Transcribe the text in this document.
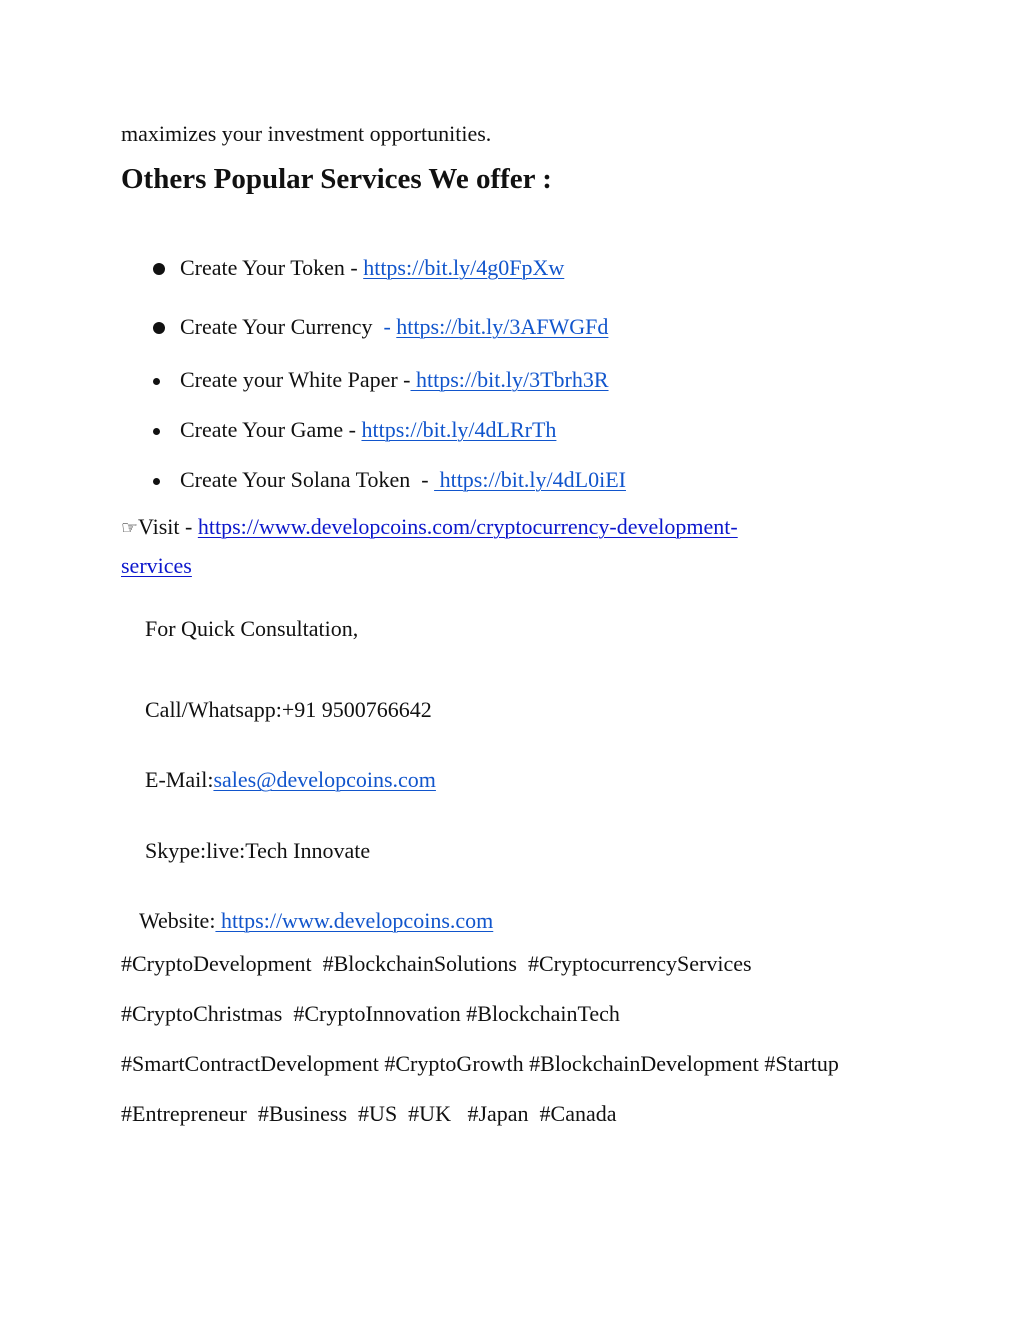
maximizes your investment opportunities.
Others Popular Services We offer :
Create Your Token - https://bit.ly/4g0FpXw
Create Your Currency  - https://bit.ly/3AFWGFd
Create your White Paper - https://bit.ly/3Tbrh3R
Create Your Game - https://bit.ly/4dLRrTh
Create Your Solana Token  -  https://bit.ly/4dL0iEI
☞Visit - https://www.developcoins.com/cryptocurrency-development-
services
For Quick Consultation,
Call/Whatsapp:+91 9500766642
E-Mail:sales@developcoins.com
Skype:live:Tech Innovate
Website: https://www.developcoins.com
#CryptoDevelopment  #BlockchainSolutions  #CryptocurrencyServices
#CryptoChristmas  #CryptoInnovation #BlockchainTech
#SmartContractDevelopment #CryptoGrowth #BlockchainDevelopment #Startup
#Entrepreneur  #Business  #US  #UK   #Japan  #Canada
